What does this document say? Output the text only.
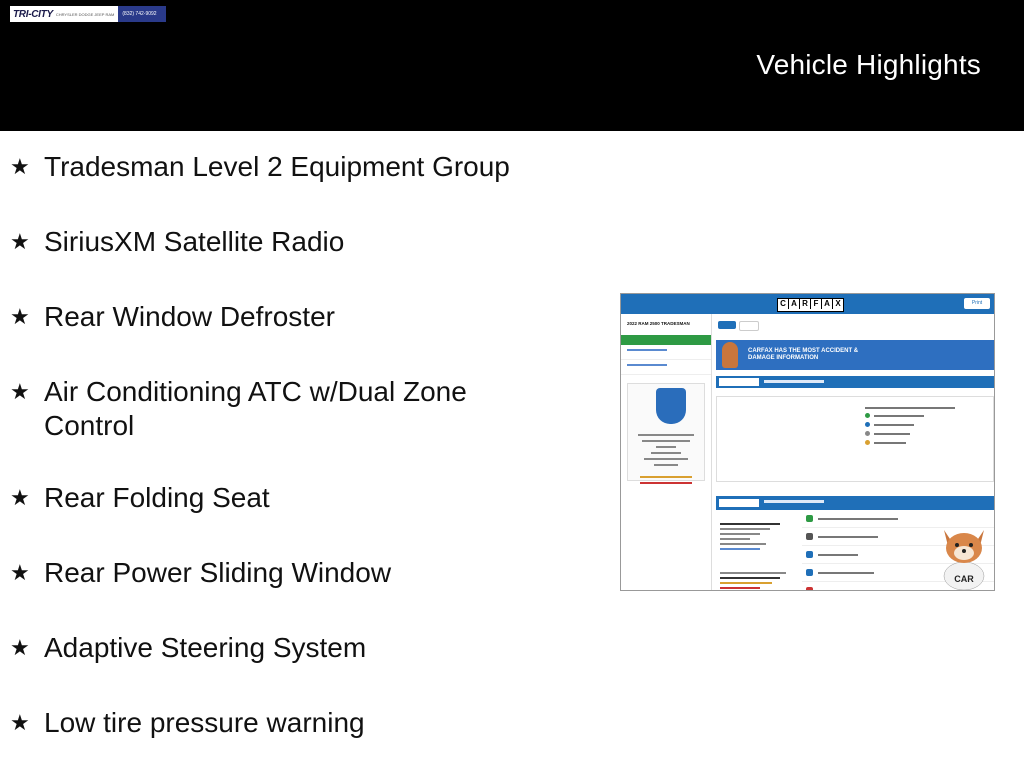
TRI-CITY CHRYSLER DODGE JEEP RAM	(832) 742-9092
Vehicle Highlights
★ Tradesman Level 2 Equipment Group
★ SiriusXM Satellite Radio
★ Rear Window Defroster
★ Air Conditioning ATC w/Dual Zone Control
★ Rear Folding Seat
★ Rear Power Sliding Window
★ Adaptive Steering System
★ Low tire pressure warning
C A R F A X	Print
2022 RAM 2500 TRADESMAN
CARFAX HAS THE MOST ACCIDENT & DAMAGE INFORMATION
CAR
